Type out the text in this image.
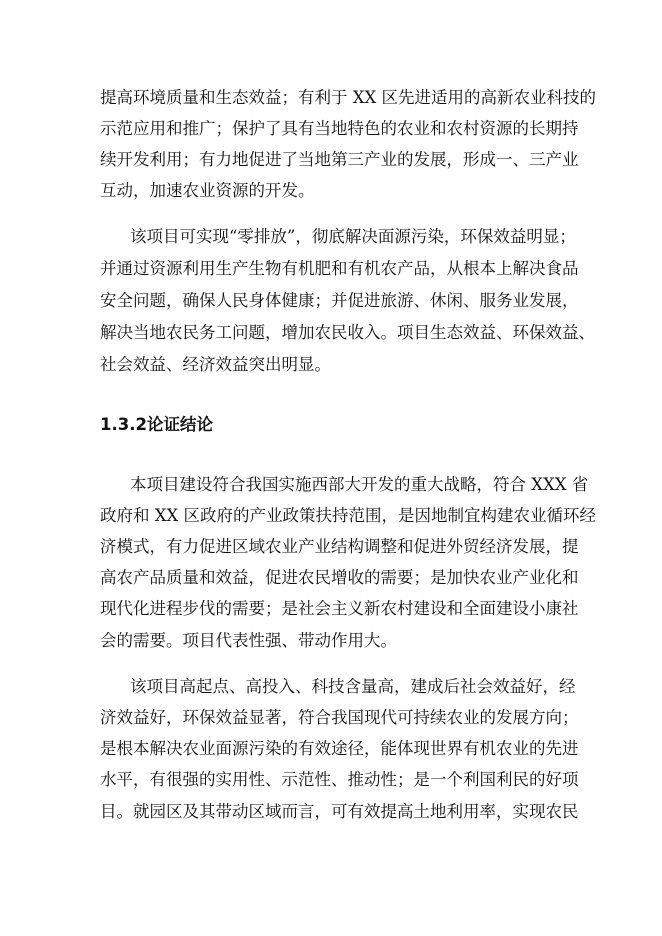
提高环境质量和生态效益；有利于 XX 区先进适用的高新农业科技的
示范应用和推广；保护了具有当地特色的农业和农村资源的长期持
续开发利用；有力地促进了当地第三产业的发展，形成一、三产业
互动，加速农业资源的开发。
该项目可实现“零排放”，彻底解决面源污染，环保效益明显；
并通过资源利用生产生物有机肥和有机农产品，从根本上解决食品
安全问题，确保人民身体健康；并促进旅游、休闲、服务业发展，
解决当地农民务工问题，增加农民收入。项目生态效益、环保效益、
社会效益、经济效益突出明显。
1.3.2论证结论
本项目建设符合我国实施西部大开发的重大战略，符合 XXX 省
政府和 XX 区政府的产业政策扶持范围，是因地制宜构建农业循环经
济模式，有力促进区域农业产业结构调整和促进外贸经济发展，提
高农产品质量和效益，促进农民增收的需要；是加快农业产业化和
现代化进程步伐的需要；是社会主义新农村建设和全面建设小康社
会的需要。项目代表性强、带动作用大。
该项目高起点、高投入、科技含量高，建成后社会效益好，经
济效益好，环保效益显著，符合我国现代可持续农业的发展方向；
是根本解决农业面源污染的有效途径，能体现世界有机农业的先进
水平，有很强的实用性、示范性、推动性；是一个利国利民的好项
目。就园区及其带动区域而言，可有效提高土地利用率，实现农民
